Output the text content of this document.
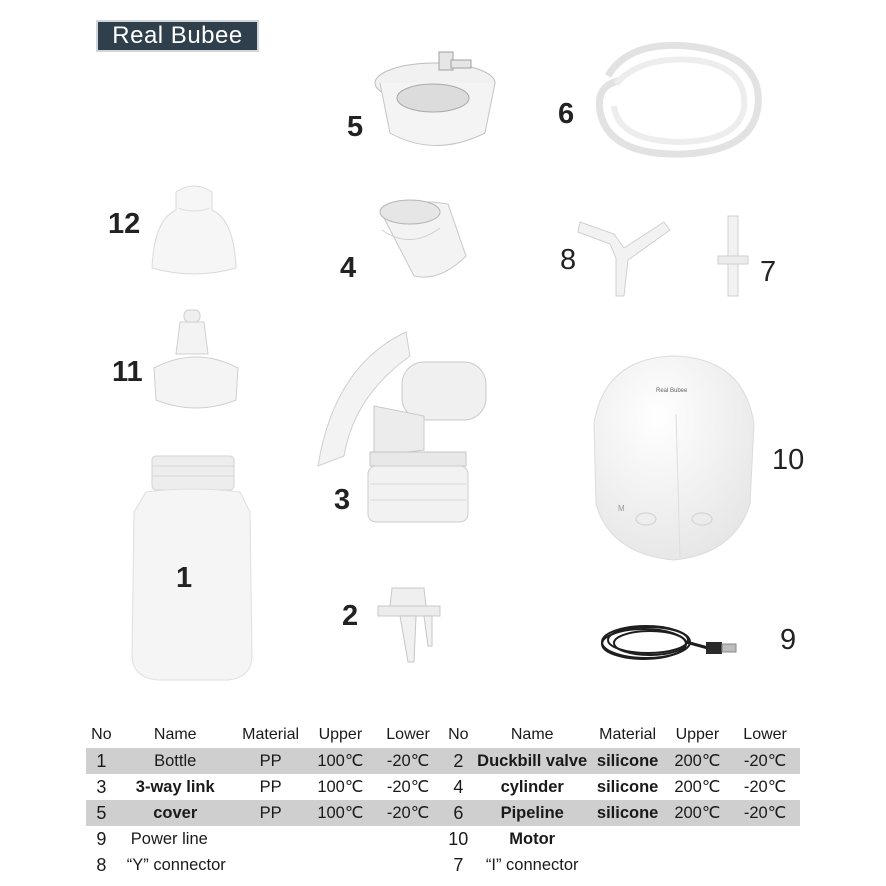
Real Bubee
5	6
12
4	8	7
11
3
Real Bubee
M
10
1
2
9
No	Name	Material	Upper	Lower	No	Name	Material	Upper	Lower
1	Bottle	PP	100℃	-20℃	2	Duckbill valve	silicone	200℃	-20℃
3	3-way link	PP	100℃	-20℃	4	cylinder	silicone	200℃	-20℃
5	cover	PP	100℃	-20℃	6	Pipeline	silicone	200℃	-20℃
9	Power line				10	Motor			
8	“Y” connector				7	“I” connector			
